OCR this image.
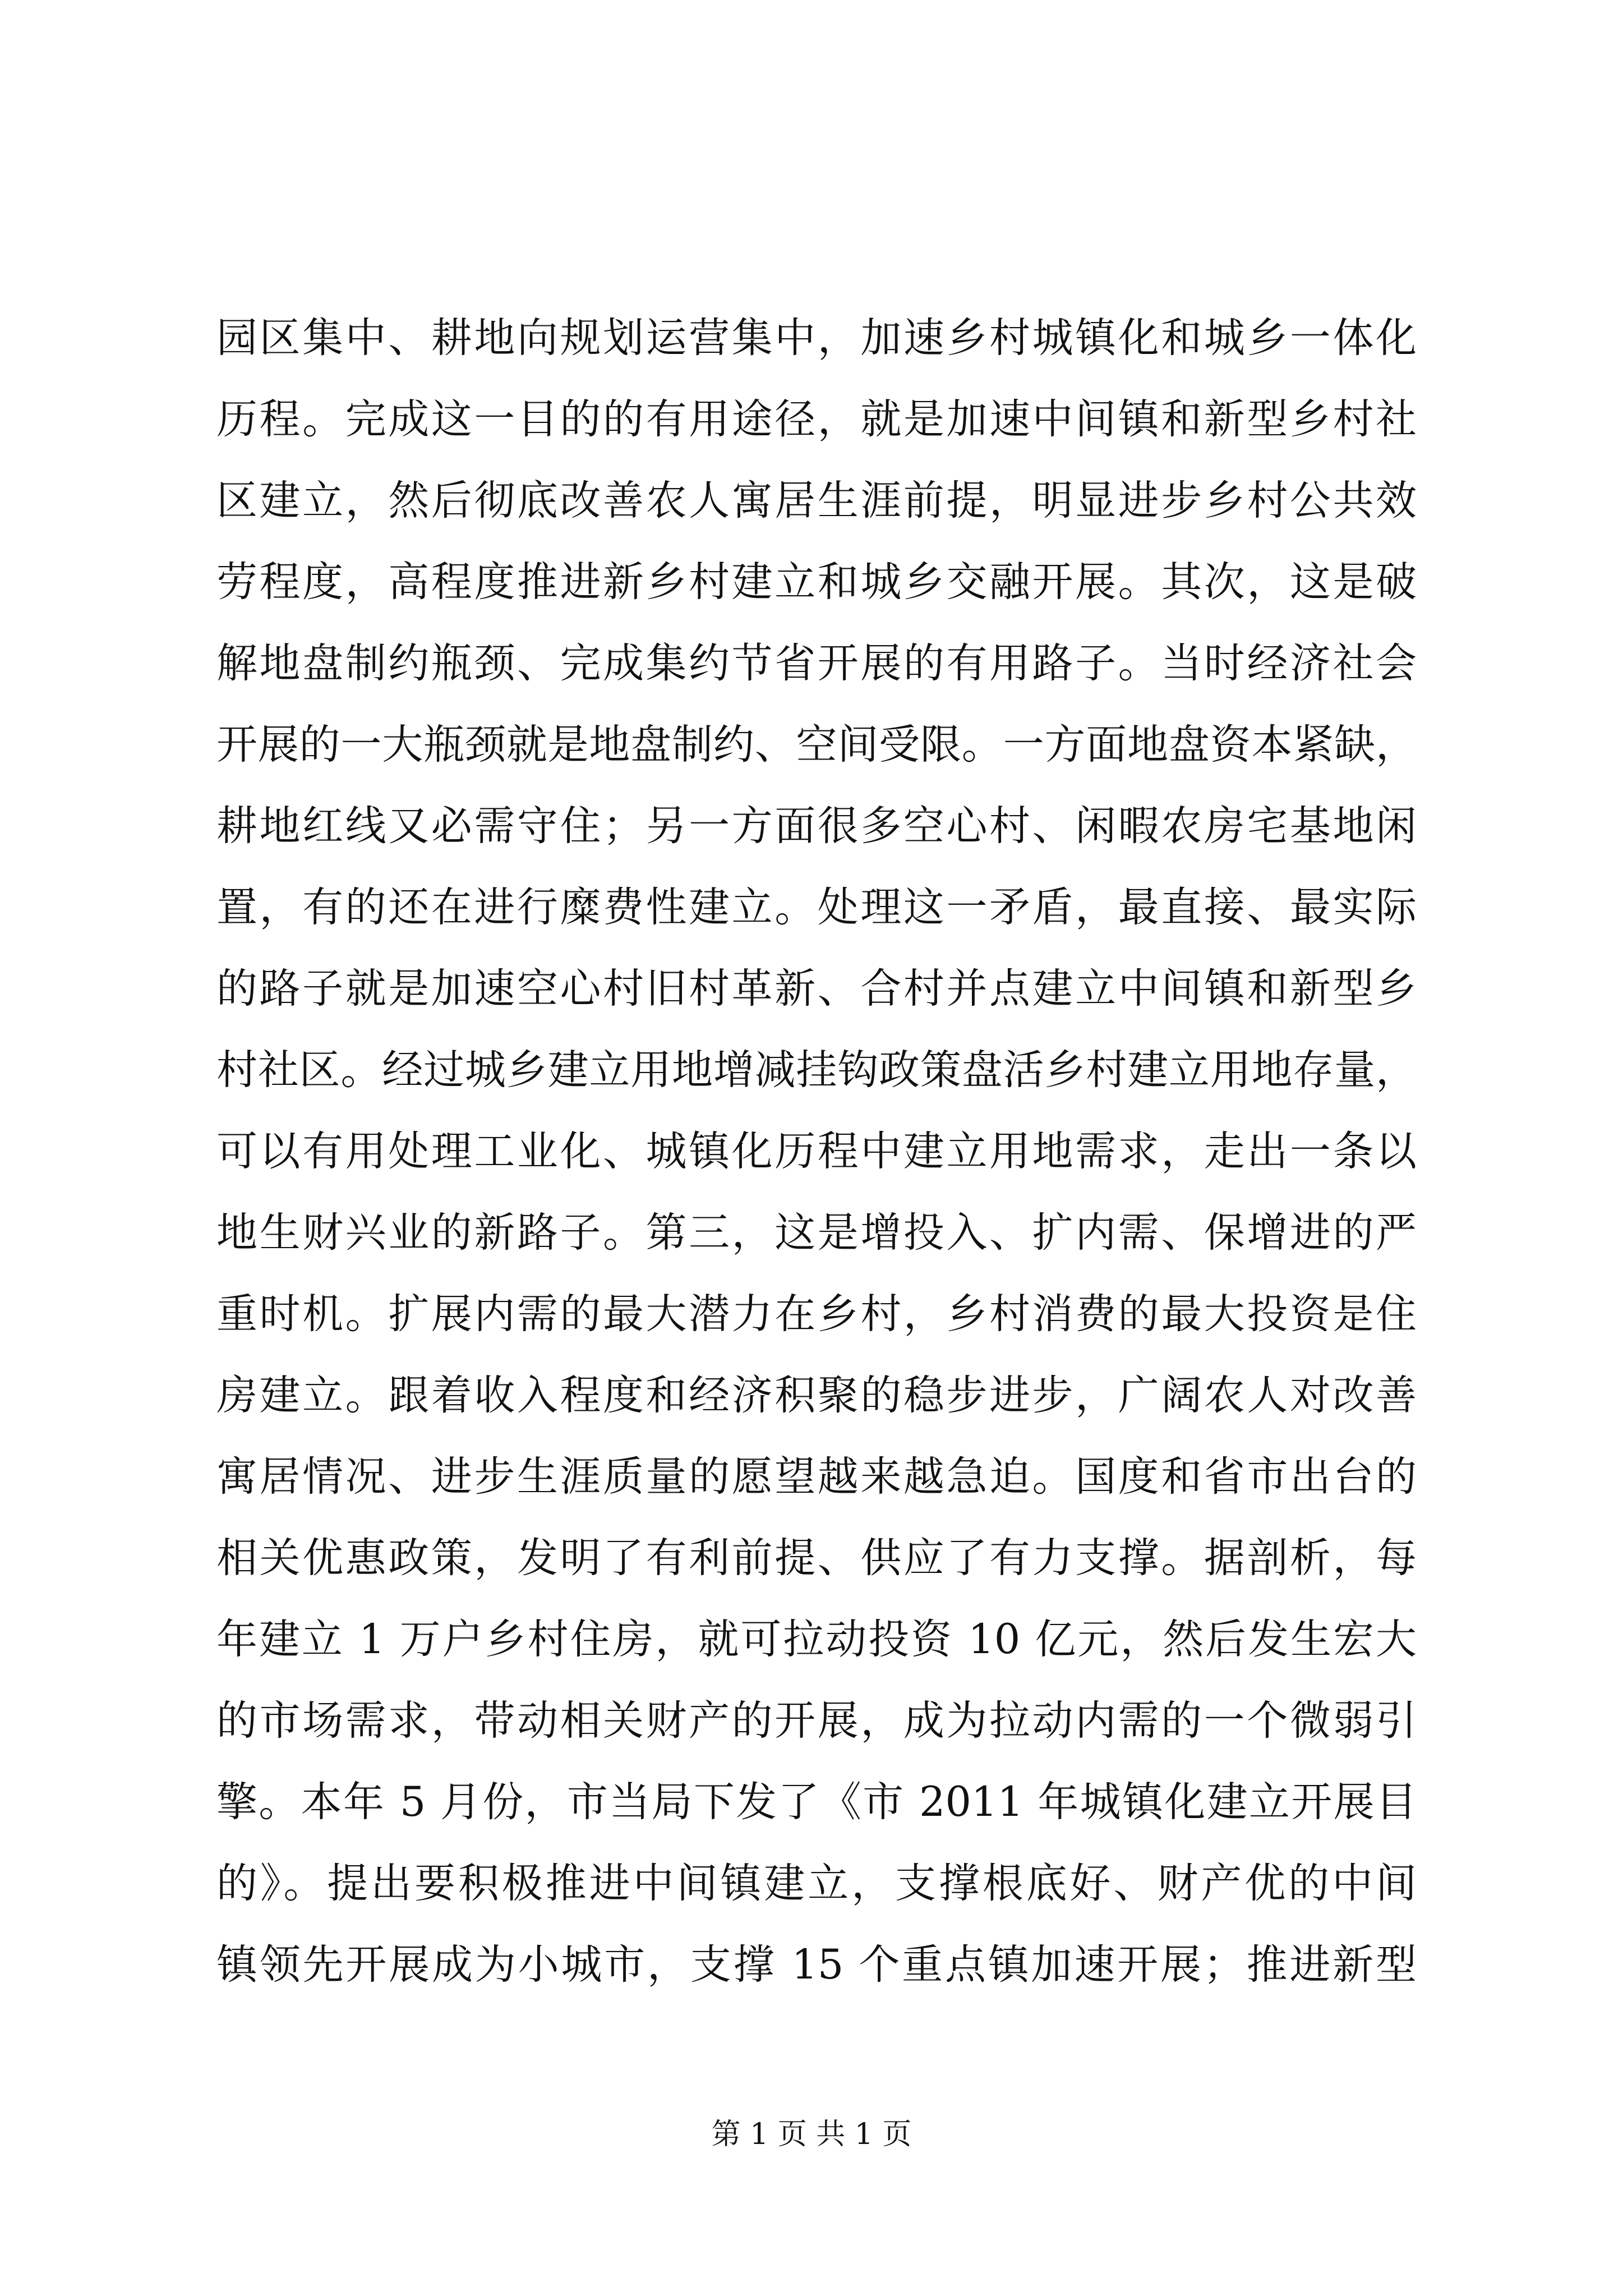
园区集中、耕地向规划运营集中，加速乡村城镇化和城乡一体化
历程。完成这一目的的有用途径，就是加速中间镇和新型乡村社
区建立，然后彻底改善农人寓居生涯前提，明显进步乡村公共效
劳程度，高程度推进新乡村建立和城乡交融开展。其次，这是破
解地盘制约瓶颈、完成集约节省开展的有用路子。当时经济社会
开展的一大瓶颈就是地盘制约、空间受限。一方面地盘资本紧缺，
耕地红线又必需守住；另一方面很多空心村、闲暇农房宅基地闲
置，有的还在进行糜费性建立。处理这一矛盾，最直接、最实际
的路子就是加速空心村旧村革新、合村并点建立中间镇和新型乡
村社区。经过城乡建立用地增减挂钩政策盘活乡村建立用地存量，
可以有用处理工业化、城镇化历程中建立用地需求，走出一条以
地生财兴业的新路子。第三，这是增投入、扩内需、保增进的严
重时机。扩展内需的最大潜力在乡村，乡村消费的最大投资是住
房建立。跟着收入程度和经济积聚的稳步进步，广阔农人对改善
寓居情况、进步生涯质量的愿望越来越急迫。国度和省市出台的
相关优惠政策，发明了有利前提、供应了有力支撑。据剖析，每
年建立 1 万户乡村住房，就可拉动投资 10 亿元，然后发生宏大
的市场需求，带动相关财产的开展，成为拉动内需的一个微弱引
擎。本年 5 月份，市当局下发了《市 2011 年城镇化建立开展目
的》。提出要积极推进中间镇建立，支撑根底好、财产优的中间
镇领先开展成为小城市，支撑 15 个重点镇加速开展；推进新型
第 1 页 共 1 页
